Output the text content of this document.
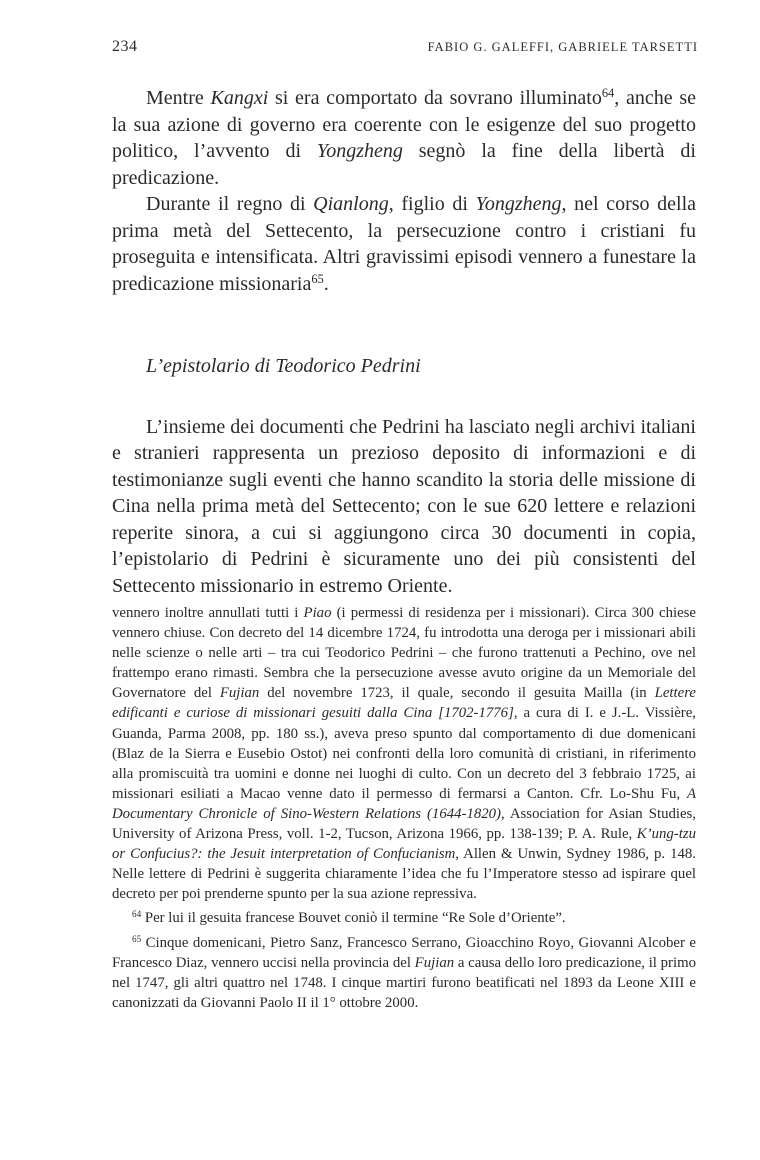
234	FABIO G. GALEFFI, GABRIELE TARSETTI

Mentre Kangxi si era comportato da sovrano illuminato$^{64}$, anche se la sua azione di governo era coerente con le esigenze del suo progetto politico, l’avvento di Yongzheng segnò la fine della libertà di predicazione.

Durante il regno di Qianlong, figlio di Yongzheng, nel corso della prima metà del Settecento, la persecuzione contro i cristiani fu proseguita e intensificata. Altri gravissimi episodi vennero a funestare la predicazione missionaria$^{65}$.

L’epistolario di Teodorico Pedrini

L’insieme dei documenti che Pedrini ha lasciato negli archivi italiani e stranieri rappresenta un prezioso deposito di informazioni e di testimonianze sugli eventi che hanno scandito la storia delle missione di Cina nella prima metà del Settecento; con le sue 620 lettere e relazioni reperite sinora, a cui si aggiungono circa 30 documenti in copia, l’epistolario di Pedrini è sicuramente uno dei più consistenti del Settecento missionario in estremo Oriente.

vennero inoltre annullati tutti i Piao (i permessi di residenza per i missionari). Circa 300 chiese vennero chiuse. Con decreto del 14 dicembre 1724, fu introdotta una deroga per i missionari abili nelle scienze o nelle arti – tra cui Teodorico Pedrini – che furono trattenuti a Pechino, ove nel frattempo erano rimasti. Sembra che la persecuzione avesse avuto origine da un Memoriale del Governatore del Fujian del novembre 1723, il quale, secondo il gesuita Mailla (in Lettere edificanti e curiose di missionari gesuiti dalla Cina [1702-1776], a cura di I. e J.-L. Vissière, Guanda, Parma 2008, pp. 180 ss.), aveva preso spunto dal comportamento di due domenicani (Blaz de la Sierra e Eusebio Ostot) nei confronti della loro comunità di cristiani, in riferimento alla promiscuità tra uomini e donne nei luoghi di culto. Con un decreto del 3 febbraio 1725, ai missionari esiliati a Macao venne dato il permesso di fermarsi a Canton. Cfr. Lo-Shu Fu, A Documentary Chronicle of Sino-Western Relations (1644-1820), Association for Asian Studies, University of Arizona Press, voll. 1-2, Tucson, Arizona 1966, pp. 138-139; P. A. Rule, K’ung-tzu or Confucius?: the Jesuit interpretation of Confucianism, Allen & Unwin, Sydney 1986, p. 148. Nelle lettere di Pedrini è suggerita chiaramente l’idea che fu l’Imperatore stesso ad ispirare quel decreto per poi prenderne spunto per la sua azione repressiva.

$^{64}$ Per lui il gesuita francese Bouvet coniò il termine “Re Sole d’Oriente”.

$^{65}$ Cinque domenicani, Pietro Sanz, Francesco Serrano, Gioacchino Royo, Giovanni Alcober e Francesco Diaz, vennero uccisi nella provincia del Fujian a causa dello loro predicazione, il primo nel 1747, gli altri quattro nel 1748. I cinque martiri furono beatificati nel 1893 da Leone XIII e canonizzati da Giovanni Paolo II il 1° ottobre 2000.
